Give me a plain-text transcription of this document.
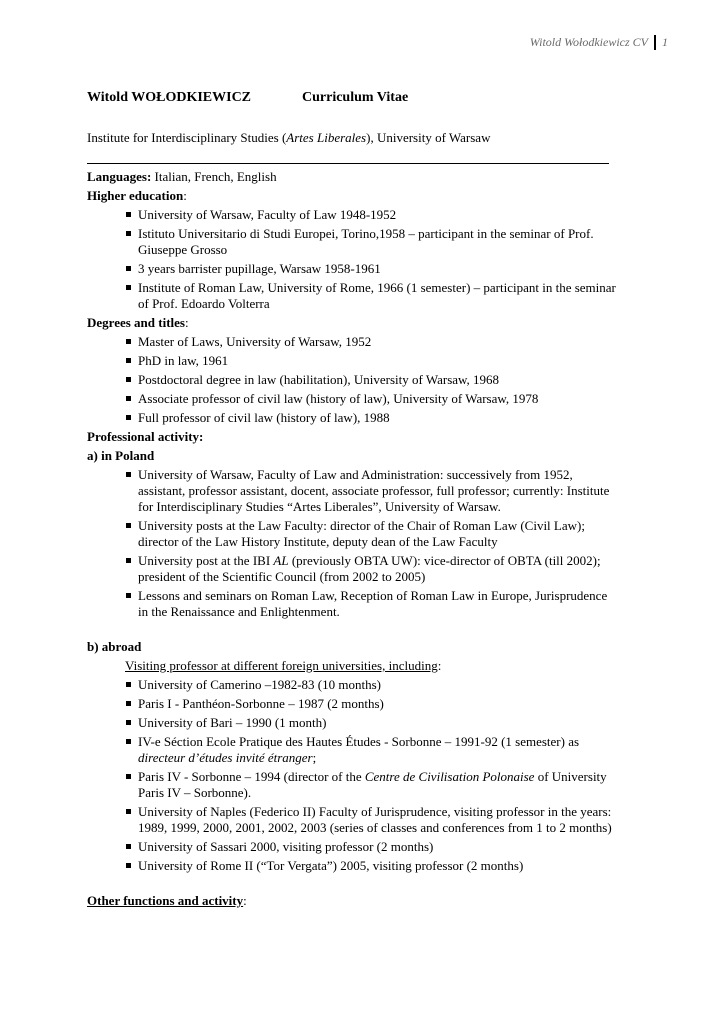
Witold Wołodkiewicz CV 1
Witold WOŁODKIEWICZ	Curriculum Vitae
Institute for Interdisciplinary Studies (Artes Liberales), University of Warsaw
Languages: Italian, French, English
Higher education:
University of Warsaw, Faculty of Law 1948-1952
Istituto Universitario di Studi Europei, Torino,1958 – participant in the seminar of Prof. Giuseppe Grosso
3 years barrister pupillage, Warsaw 1958-1961
Institute of Roman Law, University of Rome, 1966 (1 semester) – participant in the seminar of Prof. Edoardo Volterra
Degrees and titles:
Master of Laws, University of Warsaw, 1952
PhD in law, 1961
Postdoctoral degree in law (habilitation), University of Warsaw, 1968
Associate professor of civil law (history of law), University of Warsaw, 1978
Full professor of civil law (history of law), 1988
Professional activity:
a) in Poland
University of Warsaw, Faculty of Law and Administration: successively from 1952, assistant, professor assistant, docent, associate professor, full professor; currently: Institute for Interdisciplinary Studies “Artes Liberales”, University of Warsaw.
University posts at the Law Faculty: director of the Chair of Roman Law (Civil Law); director of the Law History Institute, deputy dean of the Law Faculty
University post at the IBI AL (previously OBTA UW): vice-director of OBTA (till 2002); president of the Scientific Council (from 2002 to 2005)
Lessons and seminars on Roman Law, Reception of Roman Law in Europe, Jurisprudence in the Renaissance and Enlightenment.
b) abroad
Visiting professor at different foreign universities, including:
University of Camerino –1982-83 (10 months)
Paris I - Panthéon-Sorbonne – 1987 (2 months)
University of Bari – 1990 (1 month)
IV-e Séction Ecole Pratique des Hautes Études - Sorbonne – 1991-92 (1 semester) as directeur d’études invité étranger;
Paris IV - Sorbonne – 1994 (director of the Centre de Civilisation Polonaise of University Paris IV – Sorbonne).
University of Naples (Federico II) Faculty of Jurisprudence, visiting professor in the years: 1989, 1999, 2000, 2001, 2002, 2003 (series of classes and conferences from 1 to 2 months)
University of Sassari 2000, visiting professor (2 months)
University of Rome II (“Tor Vergata”) 2005, visiting professor (2 months)
Other functions and activity:
